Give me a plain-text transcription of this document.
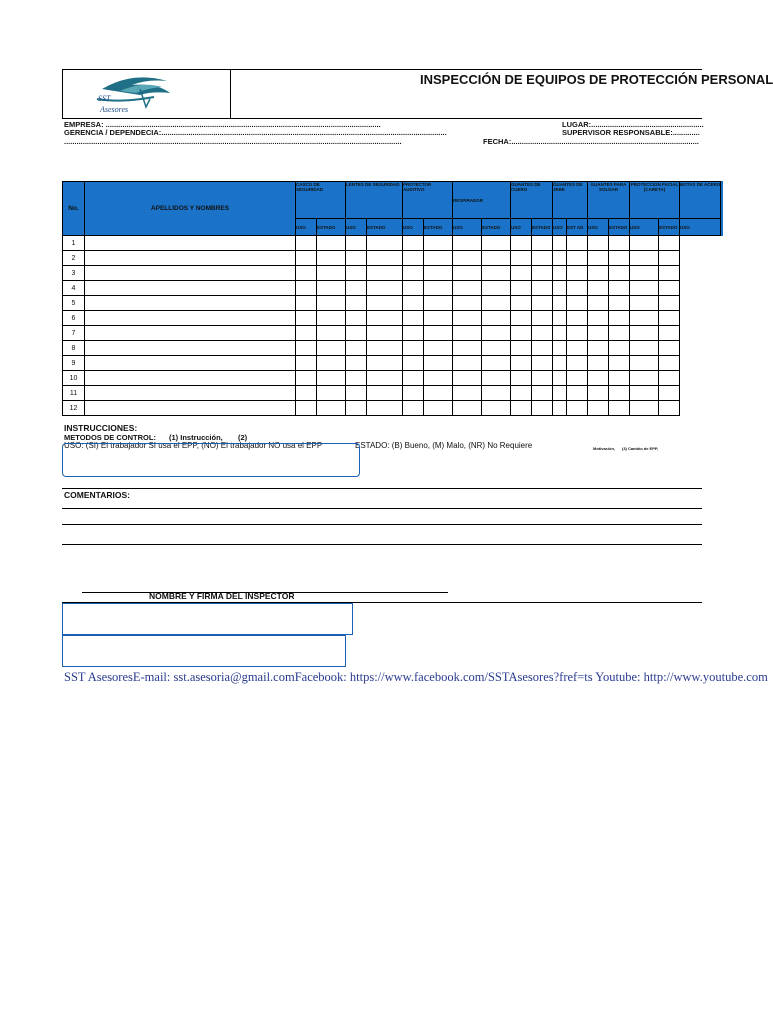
SST
Asesores
INSPECCIÓN DE EQUIPOS DE PROTECCIÓN PERSONAL
EMPRESA: ....................................................................................................................................
GERENCIA / DEPENDECIA:.........................................................................................................................................
..................................................................................................................................................................
LUGAR:......................................................
SUPERVISOR RESPONSABLE:.............
FECHA:..........................................................................................
No.	APELLIDOS Y NOMBRES	CASCO DE SEGURIDAD		LENTES DE SEGURIDAD		PROTECTOR AUDITIVO		RESPIRADOR		GUANTES DE CUERO		GUANTES DE JEBE		GUANTES PARA SOLDAR		PROTECCION FACIAL (CARETA)		BOTAS DE ACERO
		USO	ESTADO	USO	ESTADO	USO	ESTADO	USO	ESTADO	USO	ESTADO	USO	EST AD	USO	ESTADO	USO	ESTADO	USO
1																		
2																		
3																		
4																		
5																		
6																		
7																		
8																		
9																		
10																		
11																		
12																		
INSTRUCCIONES:
METODOS DE CONTROL: (1) Instrucción, (2)
USO: (SI) El trabajador SI usa el EPP, (NO) El trabajador NO usa el EPP	ESTADO: (B) Bueno, (M) Malo, (NR) No Requiere	Motivación, (3) Cambio de EPP,
COMENTARIOS:
NOMBRE Y FIRMA DEL INSPECTOR
SST AsesoresE-mail: sst.asesoria@gmail.comFacebook: https://www.facebook.com/SSTAsesores?fref=ts Youtube: http://www.youtube.com
